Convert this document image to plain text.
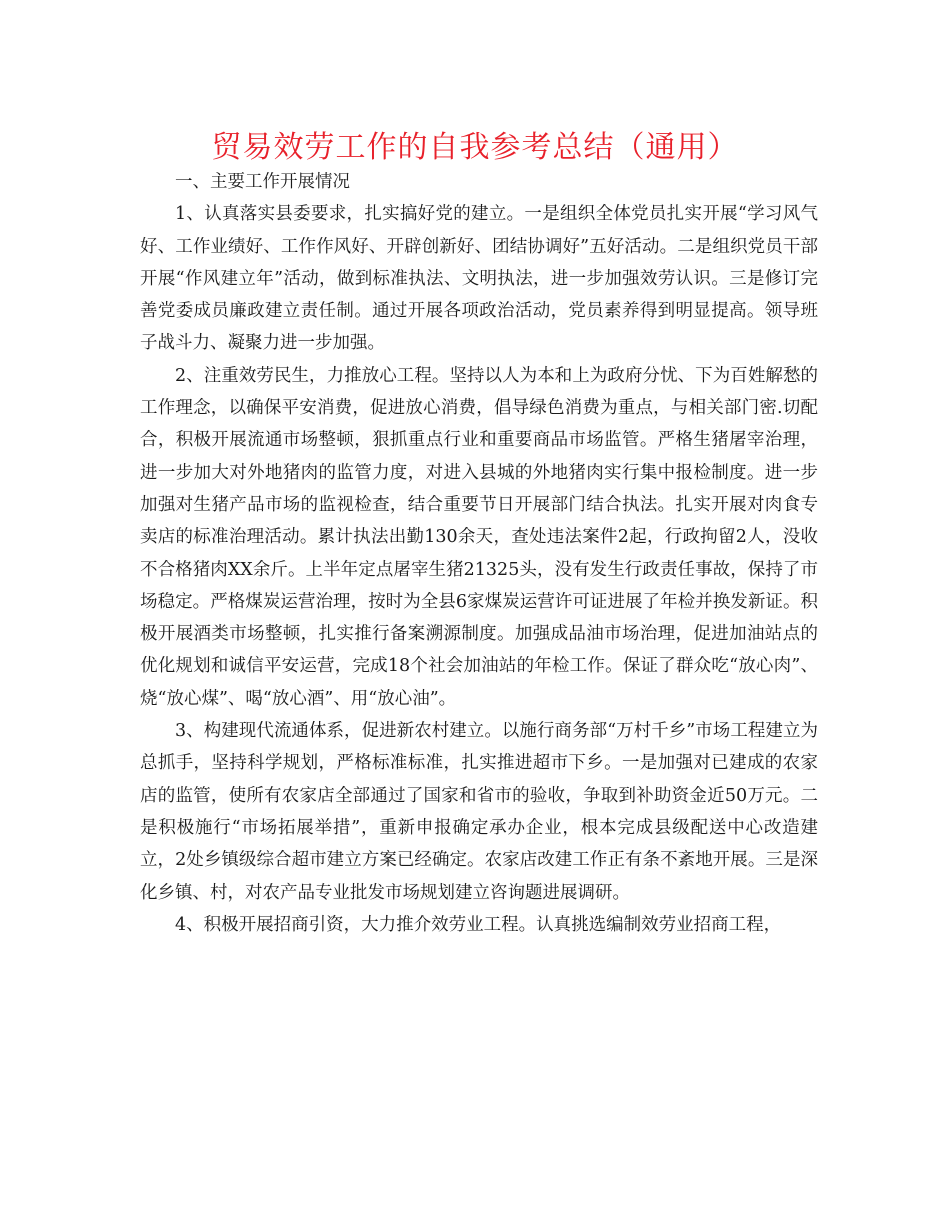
贸易效劳工作的自我参考总结（通用）

一、主要工作开展情况

1、认真落实县委要求，扎实搞好党的建立。一是组织全体党员扎实开展“学习风气好、工作业绩好、工作作风好、开辟创新好、团结协调好”五好活动。二是组织党员干部开展“作风建立年”活动，做到标准执法、文明执法，进一步加强效劳认识。三是修订完善党委成员廉政建立责任制。通过开展各项政治活动，党员素养得到明显提高。领导班子战斗力、凝聚力进一步加强。

2、注重效劳民生，力推放心工程。坚持以人为本和上为政府分忧、下为百姓解愁的工作理念，以确保平安消费，促进放心消费，倡导绿色消费为重点，与相关部门密.切配合，积极开展流通市场整顿，狠抓重点行业和重要商品市场监管。严格生猪屠宰治理，进一步加大对外地猪肉的监管力度，对进入县城的外地猪肉实行集中报检制度。进一步加强对生猪产品市场的监视检查，结合重要节日开展部门结合执法。扎实开展对肉食专卖店的标准治理活动。累计执法出勤130余天，查处违法案件2起，行政拘留2人，没收不合格猪肉XX余斤。上半年定点屠宰生猪21325头，没有发生行政责任事故，保持了市场稳定。严格煤炭运营治理，按时为全县6家煤炭运营许可证进展了年检并换发新证。积极开展酒类市场整顿，扎实推行备案溯源制度。加强成品油市场治理，促进加油站点的优化规划和诚信平安运营，完成18个社会加油站的年检工作。保证了群众吃“放心肉”、烧“放心煤”、喝“放心酒”、用“放心油”。

3、构建现代流通体系，促进新农村建立。以施行商务部“万村千乡”市场工程建立为总抓手，坚持科学规划，严格标准标准，扎实推进超市下乡。一是加强对已建成的农家店的监管，使所有农家店全部通过了国家和省市的验收，争取到补助资金近50万元。二是积极施行“市场拓展举措”，重新申报确定承办企业，根本完成县级配送中心改造建立，2处乡镇级综合超市建立方案已经确定。农家店改建工作正有条不紊地开展。三是深化乡镇、村，对农产品专业批发市场规划建立咨询题进展调研。

4、积极开展招商引资，大力推介效劳业工程。认真挑选编制效劳业招商工程，
